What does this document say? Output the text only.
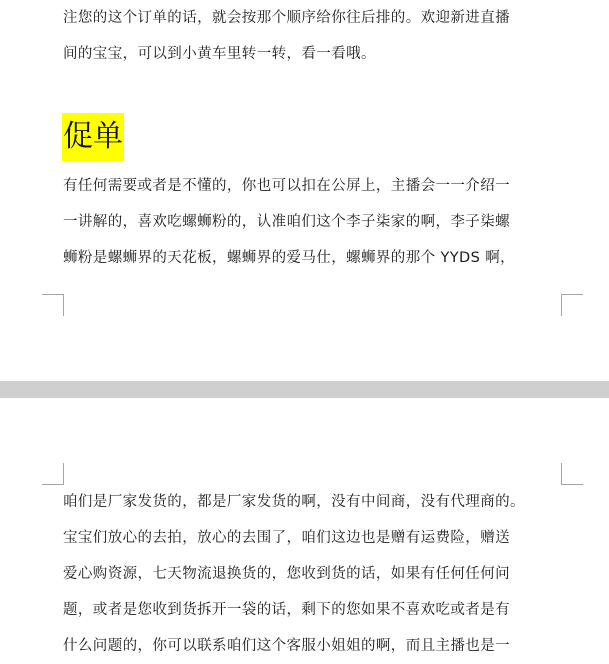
注您的这个订单的话，就会按那个顺序给你往后排的。欢迎新进直播
间的宝宝，可以到小黄车里转一转，看一看哦。

促单

有任何需要或者是不懂的，你也可以扣在公屏上，主播会一一介绍一
一讲解的，喜欢吃螺蛳粉的，认准咱们这个李子柒家的啊，李子柒螺
蛳粉是螺蛳界的天花板，螺蛳界的爱马仕，螺蛳界的那个 YYDS 啊，

咱们是厂家发货的，都是厂家发货的啊，没有中间商，没有代理商的。
宝宝们放心的去拍，放心的去围了，咱们这边也是赠有运费险，赠送
爱心购资源，七天物流退换货的，您收到货的话，如果有任何任何问
题，或者是您收到货拆开一袋的话，剩下的您如果不喜欢吃或者是有
什么问题的，你可以联系咱们这个客服小姐姐的啊，而且主播也是一
